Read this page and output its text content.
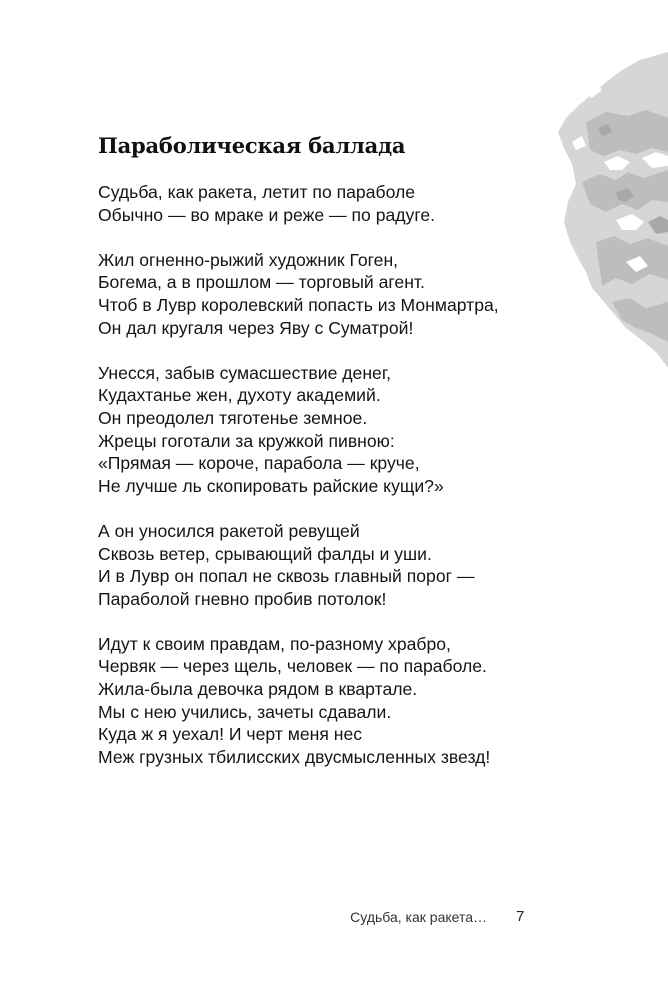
Параболическая баллада

Судьба, как ракета, летит по параболе
Обычно — во мраке и реже — по радуге.

Жил огненно-рыжий художник Гоген,
Богема, а в прошлом — торговый агент.
Чтоб в Лувр королевский попасть из Монмартра,
Он дал кругаля через Яву с Суматрой!

Унесся, забыв сумасшествие денег,
Кудахтанье жен, духоту академий.
Он преодолел тяготенье земное.
Жрецы гоготали за кружкой пивною:
«Прямая — короче, парабола — круче,
Не лучше ль скопировать райские кущи?»

А он уносился ракетой ревущей
Сквозь ветер, срывающий фалды и уши.
И в Лувр он попал не сквозь главный порог —
Параболой гневно пробив потолок!

Идут к своим правдам, по-разному храбро,
Червяк — через щель, человек — по параболе.
Жила-была девочка рядом в квартале.
Мы с нею учились, зачеты сдавали.
Куда ж я уехал! И черт меня нес
Меж грузных тбилисских двусмысленных звезд!

Судьба, как ракета… 7
